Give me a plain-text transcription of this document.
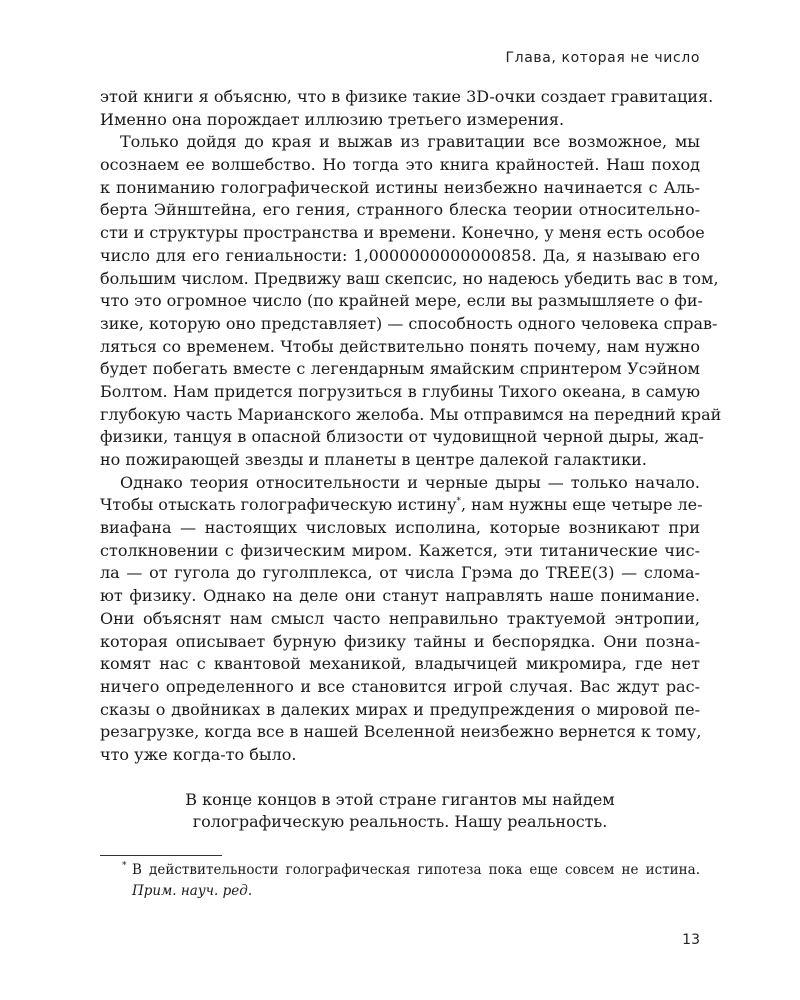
Глава, которая не число
этой книги я объясню, что в физике такие 3D-очки создает гравитация.
Именно она порождает иллюзию третьего измерения.
Только дойдя до края и выжав из гравитации все возможное, мы
осознаем ее волшебство. Но тогда это книга крайностей. Наш поход
к пониманию голографической истины неизбежно начинается с Аль-
берта Эйнштейна, его гения, странного блеска теории относительно-
сти и структуры пространства и времени. Конечно, у меня есть особое
число для его гениальности: 1,0000000000000858. Да, я называю его
большим числом. Предвижу ваш скепсис, но надеюсь убедить вас в том,
что это огромное число (по крайней мере, если вы размышляете о фи-
зике, которую оно представляет) — способность одного человека справ-
ляться со временем. Чтобы действительно понять почему, нам нужно
будет побегать вместе с легендарным ямайским спринтером Усэйном
Болтом. Нам придется погрузиться в глубины Тихого океана, в самую
глубокую часть Марианского желоба. Мы отправимся на передний край
физики, танцуя в опасной близости от чудовищной черной дыры, жад-
но пожирающей звезды и планеты в центре далекой галактики.
Однако теория относительности и черные дыры — только начало.
Чтобы отыскать голографическую истину*, нам нужны еще четыре ле-
виафана — настоящих числовых исполина, которые возникают при
столкновении с физическим миром. Кажется, эти титанические чис-
ла — от гугола до гуголплекса, от числа Грэма до TREE(3) — слома-
ют физику. Однако на деле они станут направлять наше понимание.
Они объяснят нам смысл часто неправильно трактуемой энтропии,
которая описывает бурную физику тайны и беспорядка. Они позна-
комят нас с квантовой механикой, владычицей микромира, где нет
ничего определенного и все становится игрой случая. Вас ждут рас-
сказы о двойниках в далеких мирах и предупреждения о мировой пе-
резагрузке, когда все в нашей Вселенной неизбежно вернется к тому,
что уже когда-то было.
В конце концов в этой стране гигантов мы найдем
голографическую реальность. Нашу реальность.
* В действительности голографическая гипотеза пока еще совсем не истина.
Прим. науч. ред.
13
